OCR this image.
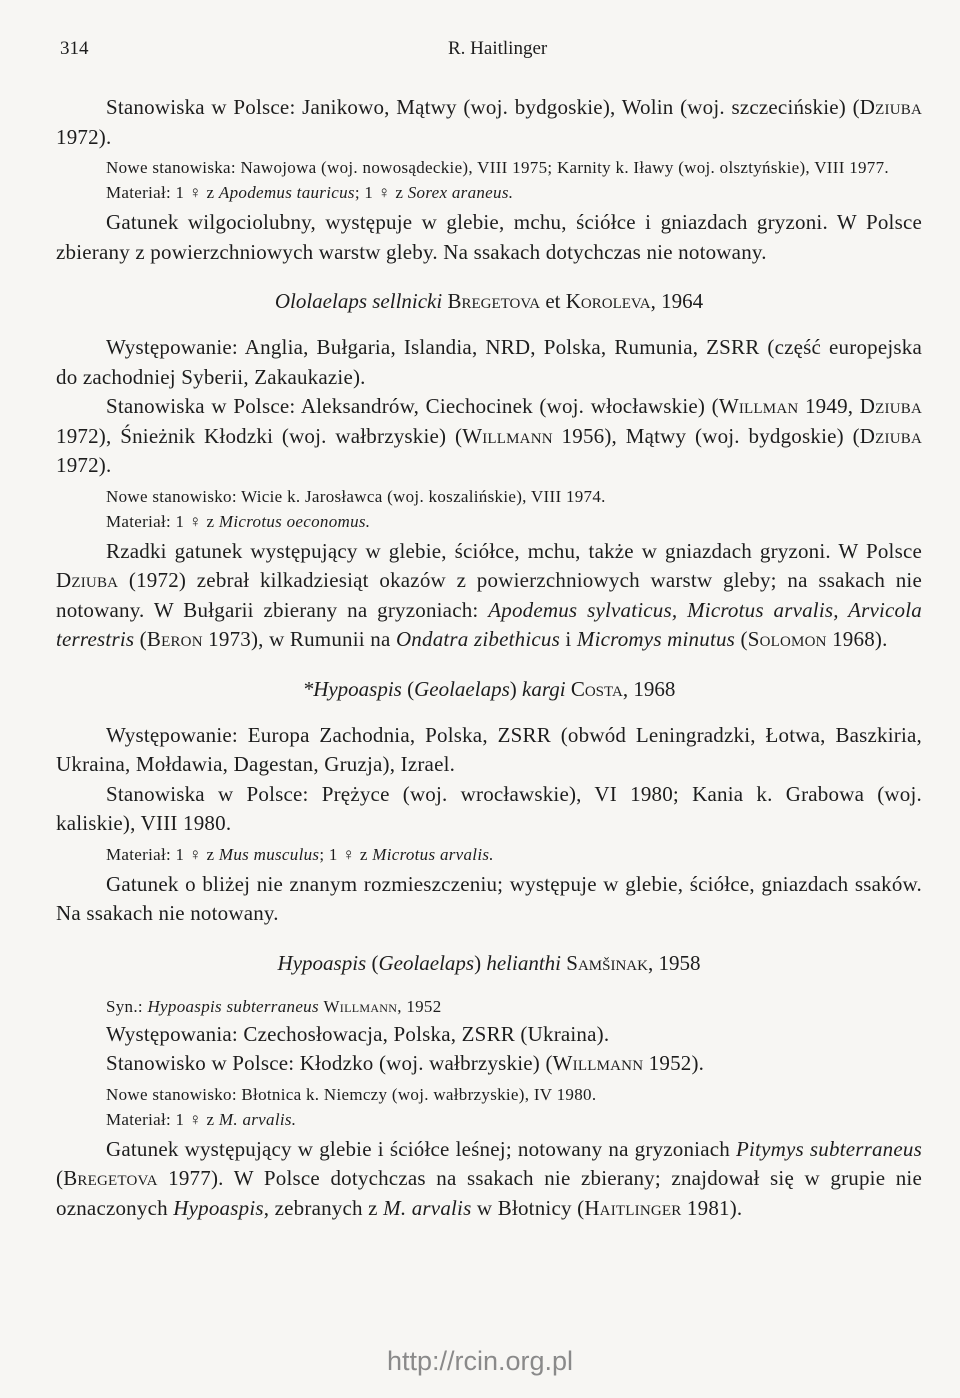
314	R. Haitlinger

Stanowiska w Polsce: Janikowo, Mątwy (woj. bydgoskie), Wolin (woj. szczecińskie) (Dziuba 1972).

Nowe stanowiska: Nawojowa (woj. nowosądeckie), VIII 1975; Karnity k. Iławy (woj. olsztyńskie), VIII 1977.

Materiał: 1 ♀ z Apodemus tauricus; 1 ♀ z Sorex araneus.

Gatunek wilgociolubny, występuje w glebie, mchu, ściółce i gniazdach gryzoni. W Polsce zbierany z powierzchniowych warstw gleby. Na ssakach dotychczas nie notowany.

Ololaelaps sellnicki Bregetova et Koroleva, 1964

Występowanie: Anglia, Bułgaria, Islandia, NRD, Polska, Rumunia, ZSRR (część europejska do zachodniej Syberii, Zakaukazie).

Stanowiska w Polsce: Aleksandrów, Ciechocinek (woj. włocławskie) (Willman 1949, Dziuba 1972), Śnieżnik Kłodzki (woj. wałbrzyskie) (Willmann 1956), Mątwy (woj. bydgoskie) (Dziuba 1972).

Nowe stanowisko: Wicie k. Jarosławca (woj. koszalińskie), VIII 1974.

Materiał: 1 ♀ z Microtus oeconomus.

Rzadki gatunek występujący w glebie, ściółce, mchu, także w gniazdach gryzoni. W Polsce Dziuba (1972) zebrał kilkadziesiąt okazów z powierzchniowych warstw gleby; na ssakach nie notowany. W Bułgarii zbierany na gryzoniach: Apodemus sylvaticus, Microtus arvalis, Arvicola terrestris (Beron 1973), w Rumunii na Ondatra zibethicus i Micromys minutus (Solomon 1968).

*Hypoaspis (Geolaelaps) kargi Costa, 1968

Występowanie: Europa Zachodnia, Polska, ZSRR (obwód Leningradzki, Łotwa, Baszkiria, Ukraina, Mołdawia, Dagestan, Gruzja), Izrael.

Stanowiska w Polsce: Prężyce (woj. wrocławskie), VI 1980; Kania k. Grabowa (woj. kaliskie), VIII 1980.

Materiał: 1 ♀ z Mus musculus; 1 ♀ z Microtus arvalis.

Gatunek o bliżej nie znanym rozmieszczeniu; występuje w glebie, ściółce, gniazdach ssaków. Na ssakach nie notowany.

Hypoaspis (Geolaelaps) helianthi Samšinak, 1958

Syn.: Hypoaspis subterraneus Willmann, 1952

Występowania: Czechosłowacja, Polska, ZSRR (Ukraina).

Stanowisko w Polsce: Kłodzko (woj. wałbrzyskie) (Willmann 1952).

Nowe stanowisko: Błotnica k. Niemczy (woj. wałbrzyskie), IV 1980.

Materiał: 1 ♀ z M. arvalis.

Gatunek występujący w glebie i ściółce leśnej; notowany na gryzoniach Pitymys subterraneus (Bregetova 1977). W Polsce dotychczas na ssakach nie zbierany; znajdował się w grupie nie oznaczonych Hypoaspis, zebranych z M. arvalis w Błotnicy (Haitlinger 1981).

http://rcin.org.pl
